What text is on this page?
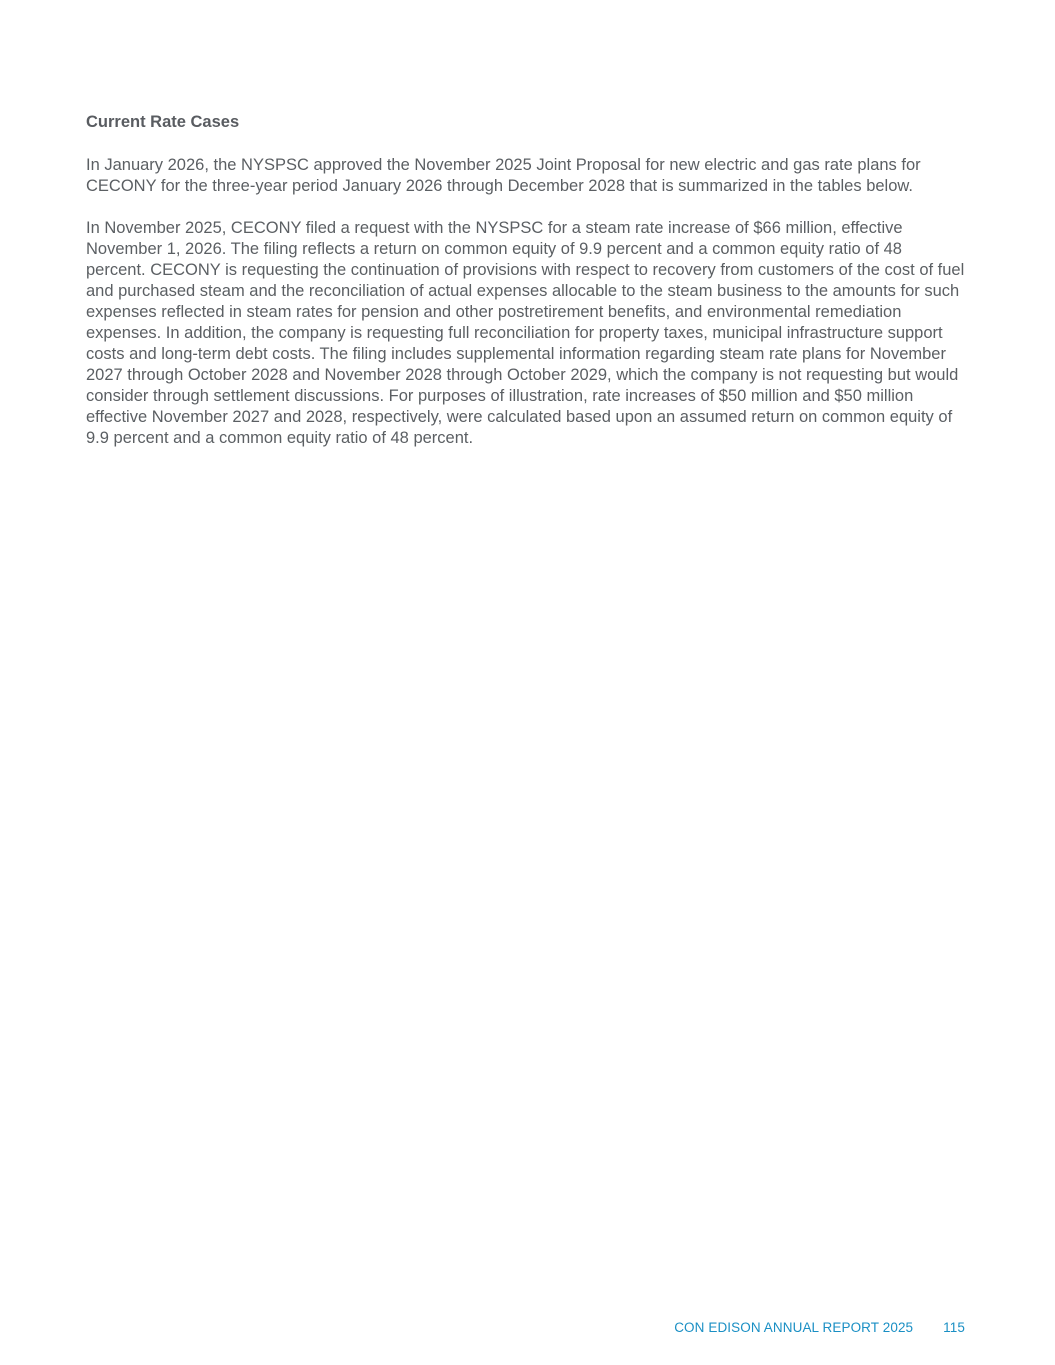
Current Rate Cases

In January 2026, the NYSPSC approved the November 2025 Joint Proposal for new electric and gas rate plans for CECONY for the three-year period January 2026 through December 2028 that is summarized in the tables below.

In November 2025, CECONY filed a request with the NYSPSC for a steam rate increase of $66 million, effective November 1, 2026. The filing reflects a return on common equity of 9.9 percent and a common equity ratio of 48 percent. CECONY is requesting the continuation of provisions with respect to recovery from customers of the cost of fuel and purchased steam and the reconciliation of actual expenses allocable to the steam business to the amounts for such expenses reflected in steam rates for pension and other postretirement benefits, and environmental remediation expenses. In addition, the company is requesting full reconciliation for property taxes, municipal infrastructure support costs and long-term debt costs. The filing includes supplemental information regarding steam rate plans for November 2027 through October 2028 and November 2028 through October 2029, which the company is not requesting but would consider through settlement discussions. For purposes of illustration, rate increases of $50 million and $50 million effective November 2027 and 2028, respectively, were calculated based upon an assumed return on common equity of 9.9 percent and a common equity ratio of 48 percent.

CON EDISON ANNUAL REPORT 2025 115
